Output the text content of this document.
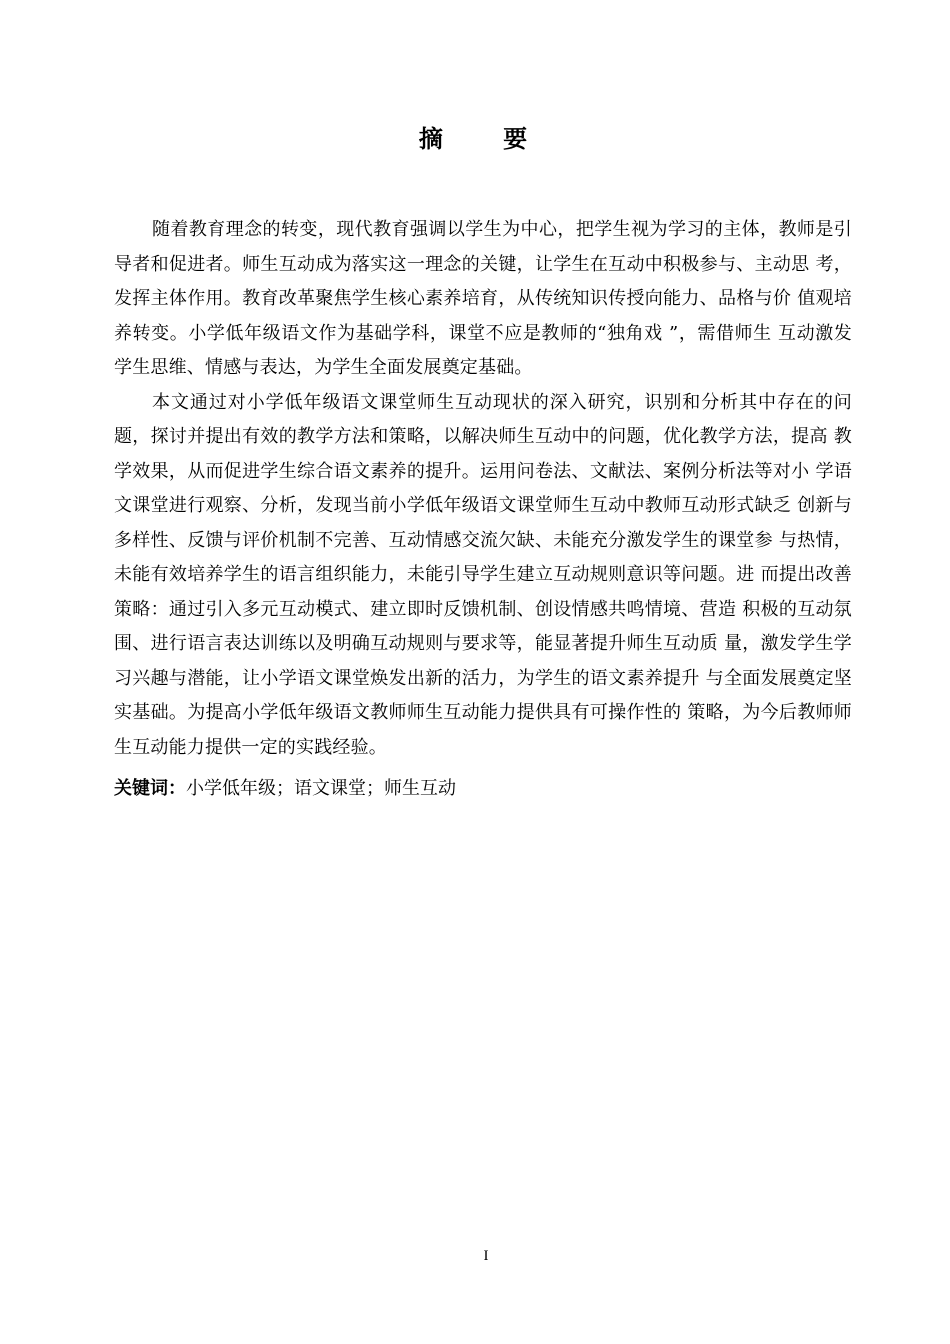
摘 要

随着教育理念的转变，现代教育强调以学生为中心，把学生视为学习的主体，教师是引导者和促进者。师生互动成为落实这一理念的关键，让学生在互动中积极参与、主动思 考，发挥主体作用。教育改革聚焦学生核心素养培育，从传统知识传授向能力、品格与价 值观培养转变。小学低年级语文作为基础学科，课堂不应是教师的“独角戏 ”，需借师生 互动激发学生思维、情感与表达，为学生全面发展奠定基础。

本文通过对小学低年级语文课堂师生互动现状的深入研究，识别和分析其中存在的问题，探讨并提出有效的教学方法和策略，以解决师生互动中的问题，优化教学方法，提高 教学效果，从而促进学生综合语文素养的提升。运用问卷法、文献法、案例分析法等对小 学语文课堂进行观察、分析，发现当前小学低年级语文课堂师生互动中教师互动形式缺乏 创新与多样性、反馈与评价机制不完善、互动情感交流欠缺、未能充分激发学生的课堂参 与热情，未能有效培养学生的语言组织能力，未能引导学生建立互动规则意识等问题。进 而提出改善策略：通过引入多元互动模式、建立即时反馈机制、创设情感共鸣情境、营造 积极的互动氛围、进行语言表达训练以及明确互动规则与要求等，能显著提升师生互动质 量，激发学生学习兴趣与潜能，让小学语文课堂焕发出新的活力，为学生的语文素养提升 与全面发展奠定坚实基础。为提高小学低年级语文教师师生互动能力提供具有可操作性的 策略，为今后教师师生互动能力提供一定的实践经验。

关键词：小学低年级；语文课堂；师生互动
I
